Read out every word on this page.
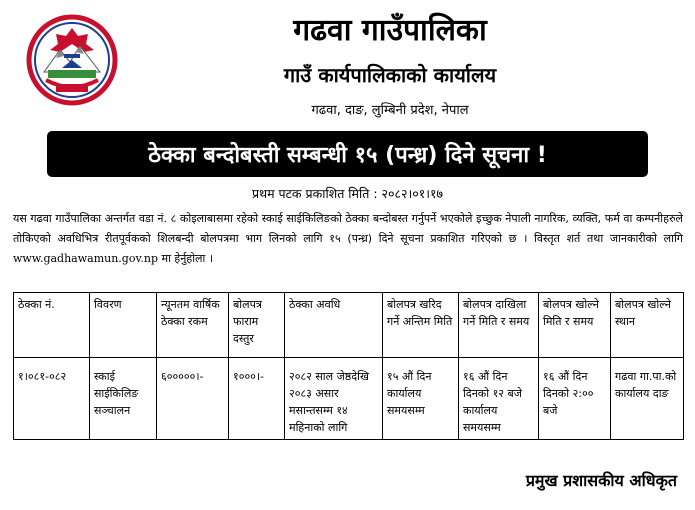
गढवा गाउँपालिका
गाउँ कार्यपालिकाको कार्यालय
गढवा, दाङ, लुम्बिनी प्रदेश, नेपाल
ठेक्का बन्दोबस्ती सम्बन्धी १५ (पन्ध्र) दिने सूचना !
प्रथम पटक प्रकाशित मिति : २०८२।०१।१७
यस गढवा गाउँपालिका अन्तर्गत वडा नं. ८ कोइलाबासमा रहेको स्काई साईकिलिङको ठेक्का बन्दोबस्त गर्नुपर्ने भएकोले इच्छुक नेपाली नागरिक, व्यक्ति, फर्म वा कम्पनीहरुले तोकिएको अवधिभित्र रीतपूर्वकको शिलबन्दी बोलपत्रमा भाग लिनको लागि १५ (पन्ध्र) दिने सूचना प्रकाशित गरिएको छ । विस्तृत शर्त तथा जानकारीको लागि www.gadhawamun.gov.np मा हेर्नुहोला ।
ठेक्का नं.	विवरण	न्यूनतम वार्षिक ठेक्का रकम	बोलपत्र फाराम दस्तुर	ठेक्का अवधि	बोलपत्र खरिद गर्ने अन्तिम मिति	बोलपत्र दाखिला गर्ने मिति र समय	बोलपत्र खोल्ने मिति र समय	बोलपत्र खोल्ने स्थान
१।०८१-०८२	स्काई साईकिलिङ सञ्चालन	६०००००।-	१०००।-	२०८२ साल जेष्ठदेखि २०८३ असार मसान्तसम्म १४ महिनाको लागि	१५ औं दिन कार्यालय समयसम्म	१६ औं दिन दिनको १२ बजे कार्यालय समयसम्म	१६ औं दिन दिनको २:०० बजे	गढवा गा.पा.को कार्यालय दाङ
प्रमुख प्रशासकीय अधिकृत
